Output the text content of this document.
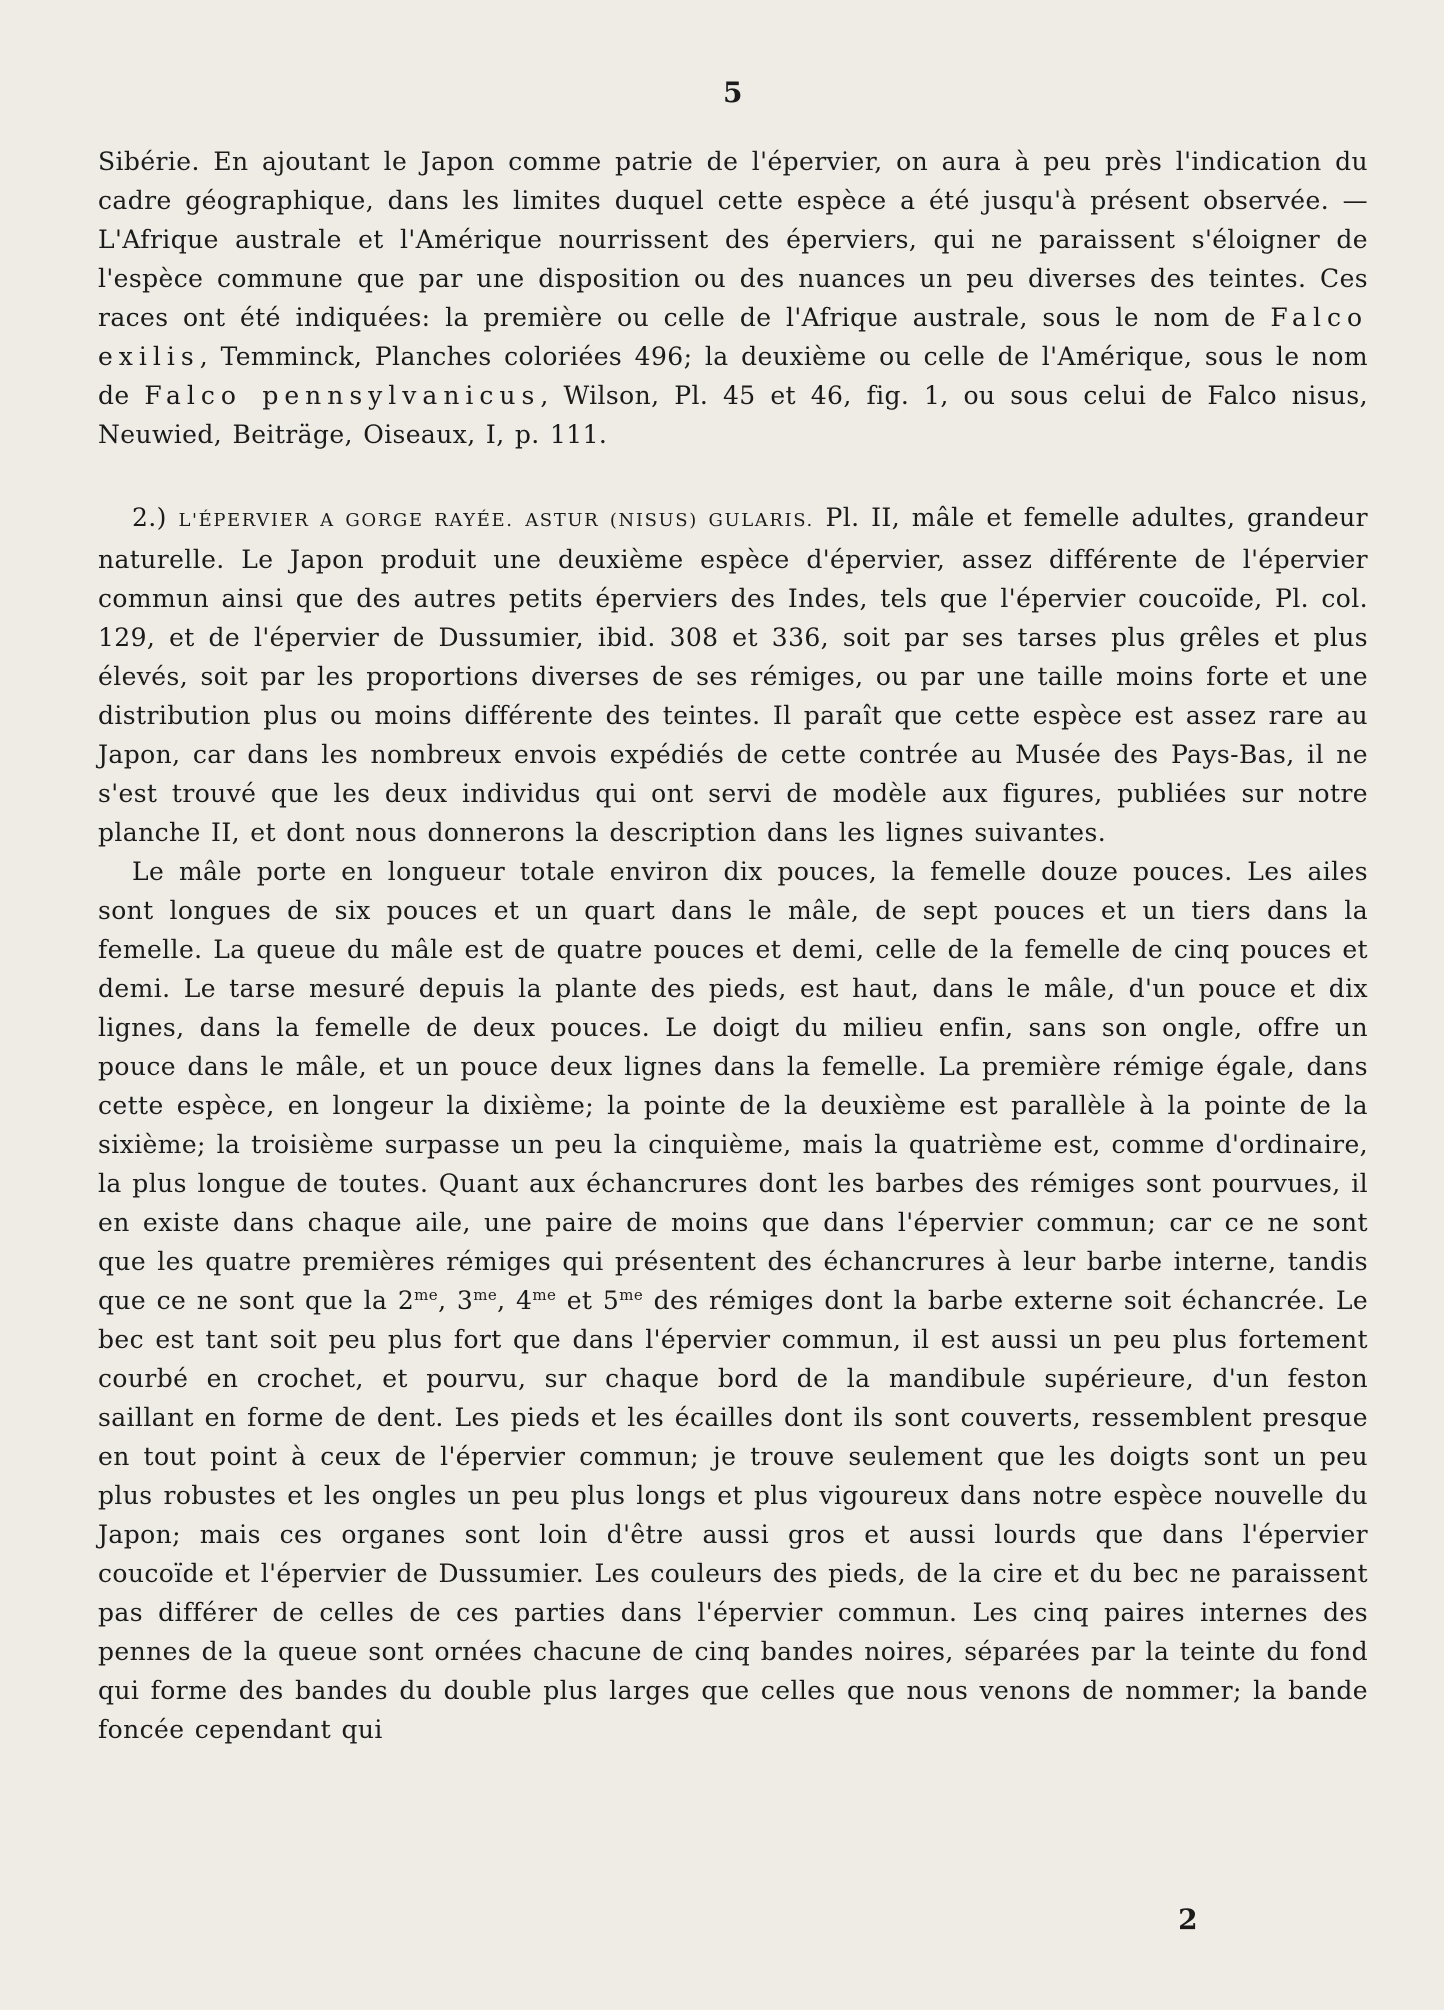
5

Sibérie. En ajoutant le Japon comme patrie de l'épervier, on aura à peu près l'indication du cadre géographique, dans les limites duquel cette espèce a été jusqu'à présent observée. — L'Afrique australe et l'Amérique nourrissent des éperviers, qui ne paraissent s'éloigner de l'espèce commune que par une disposition ou des nuances un peu diverses des teintes. Ces races ont été indiquées: la première ou celle de l'Afrique australe, sous le nom de Falco exilis, Temminck, Planches coloriées 496; la deuxième ou celle de l'Amérique, sous le nom de Falco pennsylvanicus, Wilson, Pl. 45 et 46, fig. 1, ou sous celui de Falco nisus, Neuwied, Beiträge, Oiseaux, I, p. 111.

2.) L'ÉPERVIER A GORGE RAYÉE. ASTUR (NISUS) GULARIS. Pl. II, mâle et femelle adultes, grandeur naturelle. Le Japon produit une deuxième espèce d'épervier, assez différente de l'épervier commun ainsi que des autres petits éperviers des Indes, tels que l'épervier coucoïde, Pl. col. 129, et de l'épervier de Dussumier, ibid. 308 et 336, soit par ses tarses plus grêles et plus élevés, soit par les proportions diverses de ses rémiges, ou par une taille moins forte et une distribution plus ou moins différente des teintes. Il paraît que cette espèce est assez rare au Japon, car dans les nombreux envois expédiés de cette contrée au Musée des Pays-Bas, il ne s'est trouvé que les deux individus qui ont servi de modèle aux figures, publiées sur notre planche II, et dont nous donnerons la description dans les lignes suivantes.

Le mâle porte en longueur totale environ dix pouces, la femelle douze pouces. Les ailes sont longues de six pouces et un quart dans le mâle, de sept pouces et un tiers dans la femelle. La queue du mâle est de quatre pouces et demi, celle de la femelle de cinq pouces et demi. Le tarse mesuré depuis la plante des pieds, est haut, dans le mâle, d'un pouce et dix lignes, dans la femelle de deux pouces. Le doigt du milieu enfin, sans son ongle, offre un pouce dans le mâle, et un pouce deux lignes dans la femelle. La première rémige égale, dans cette espèce, en longeur la dixième; la pointe de la deuxième est parallèle à la pointe de la sixième; la troisième surpasse un peu la cinquième, mais la quatrième est, comme d'ordinaire, la plus longue de toutes. Quant aux échancrures dont les barbes des rémiges sont pourvues, il en existe dans chaque aile, une paire de moins que dans l'épervier commun; car ce ne sont que les quatre premières rémiges qui présentent des échancrures à leur barbe interne, tandis que ce ne sont que la $2^{me}$, $3^{me}$, $4^{me}$ et $5^{me}$ des rémiges dont la barbe externe soit échancrée. Le bec est tant soit peu plus fort que dans l'épervier commun, il est aussi un peu plus fortement courbé en crochet, et pourvu, sur chaque bord de la mandibule supérieure, d'un feston saillant en forme de dent. Les pieds et les écailles dont ils sont couverts, ressemblent presque en tout point à ceux de l'épervier commun; je trouve seulement que les doigts sont un peu plus robustes et les ongles un peu plus longs et plus vigoureux dans notre espèce nouvelle du Japon; mais ces organes sont loin d'être aussi gros et aussi lourds que dans l'épervier coucoïde et l'épervier de Dussumier. Les couleurs des pieds, de la cire et du bec ne paraissent pas différer de celles de ces parties dans l'épervier commun. Les cinq paires internes des pennes de la queue sont ornées chacune de cinq bandes noires, séparées par la teinte du fond qui forme des bandes du double plus larges que celles que nous venons de nommer; la bande foncée cependant qui

2
